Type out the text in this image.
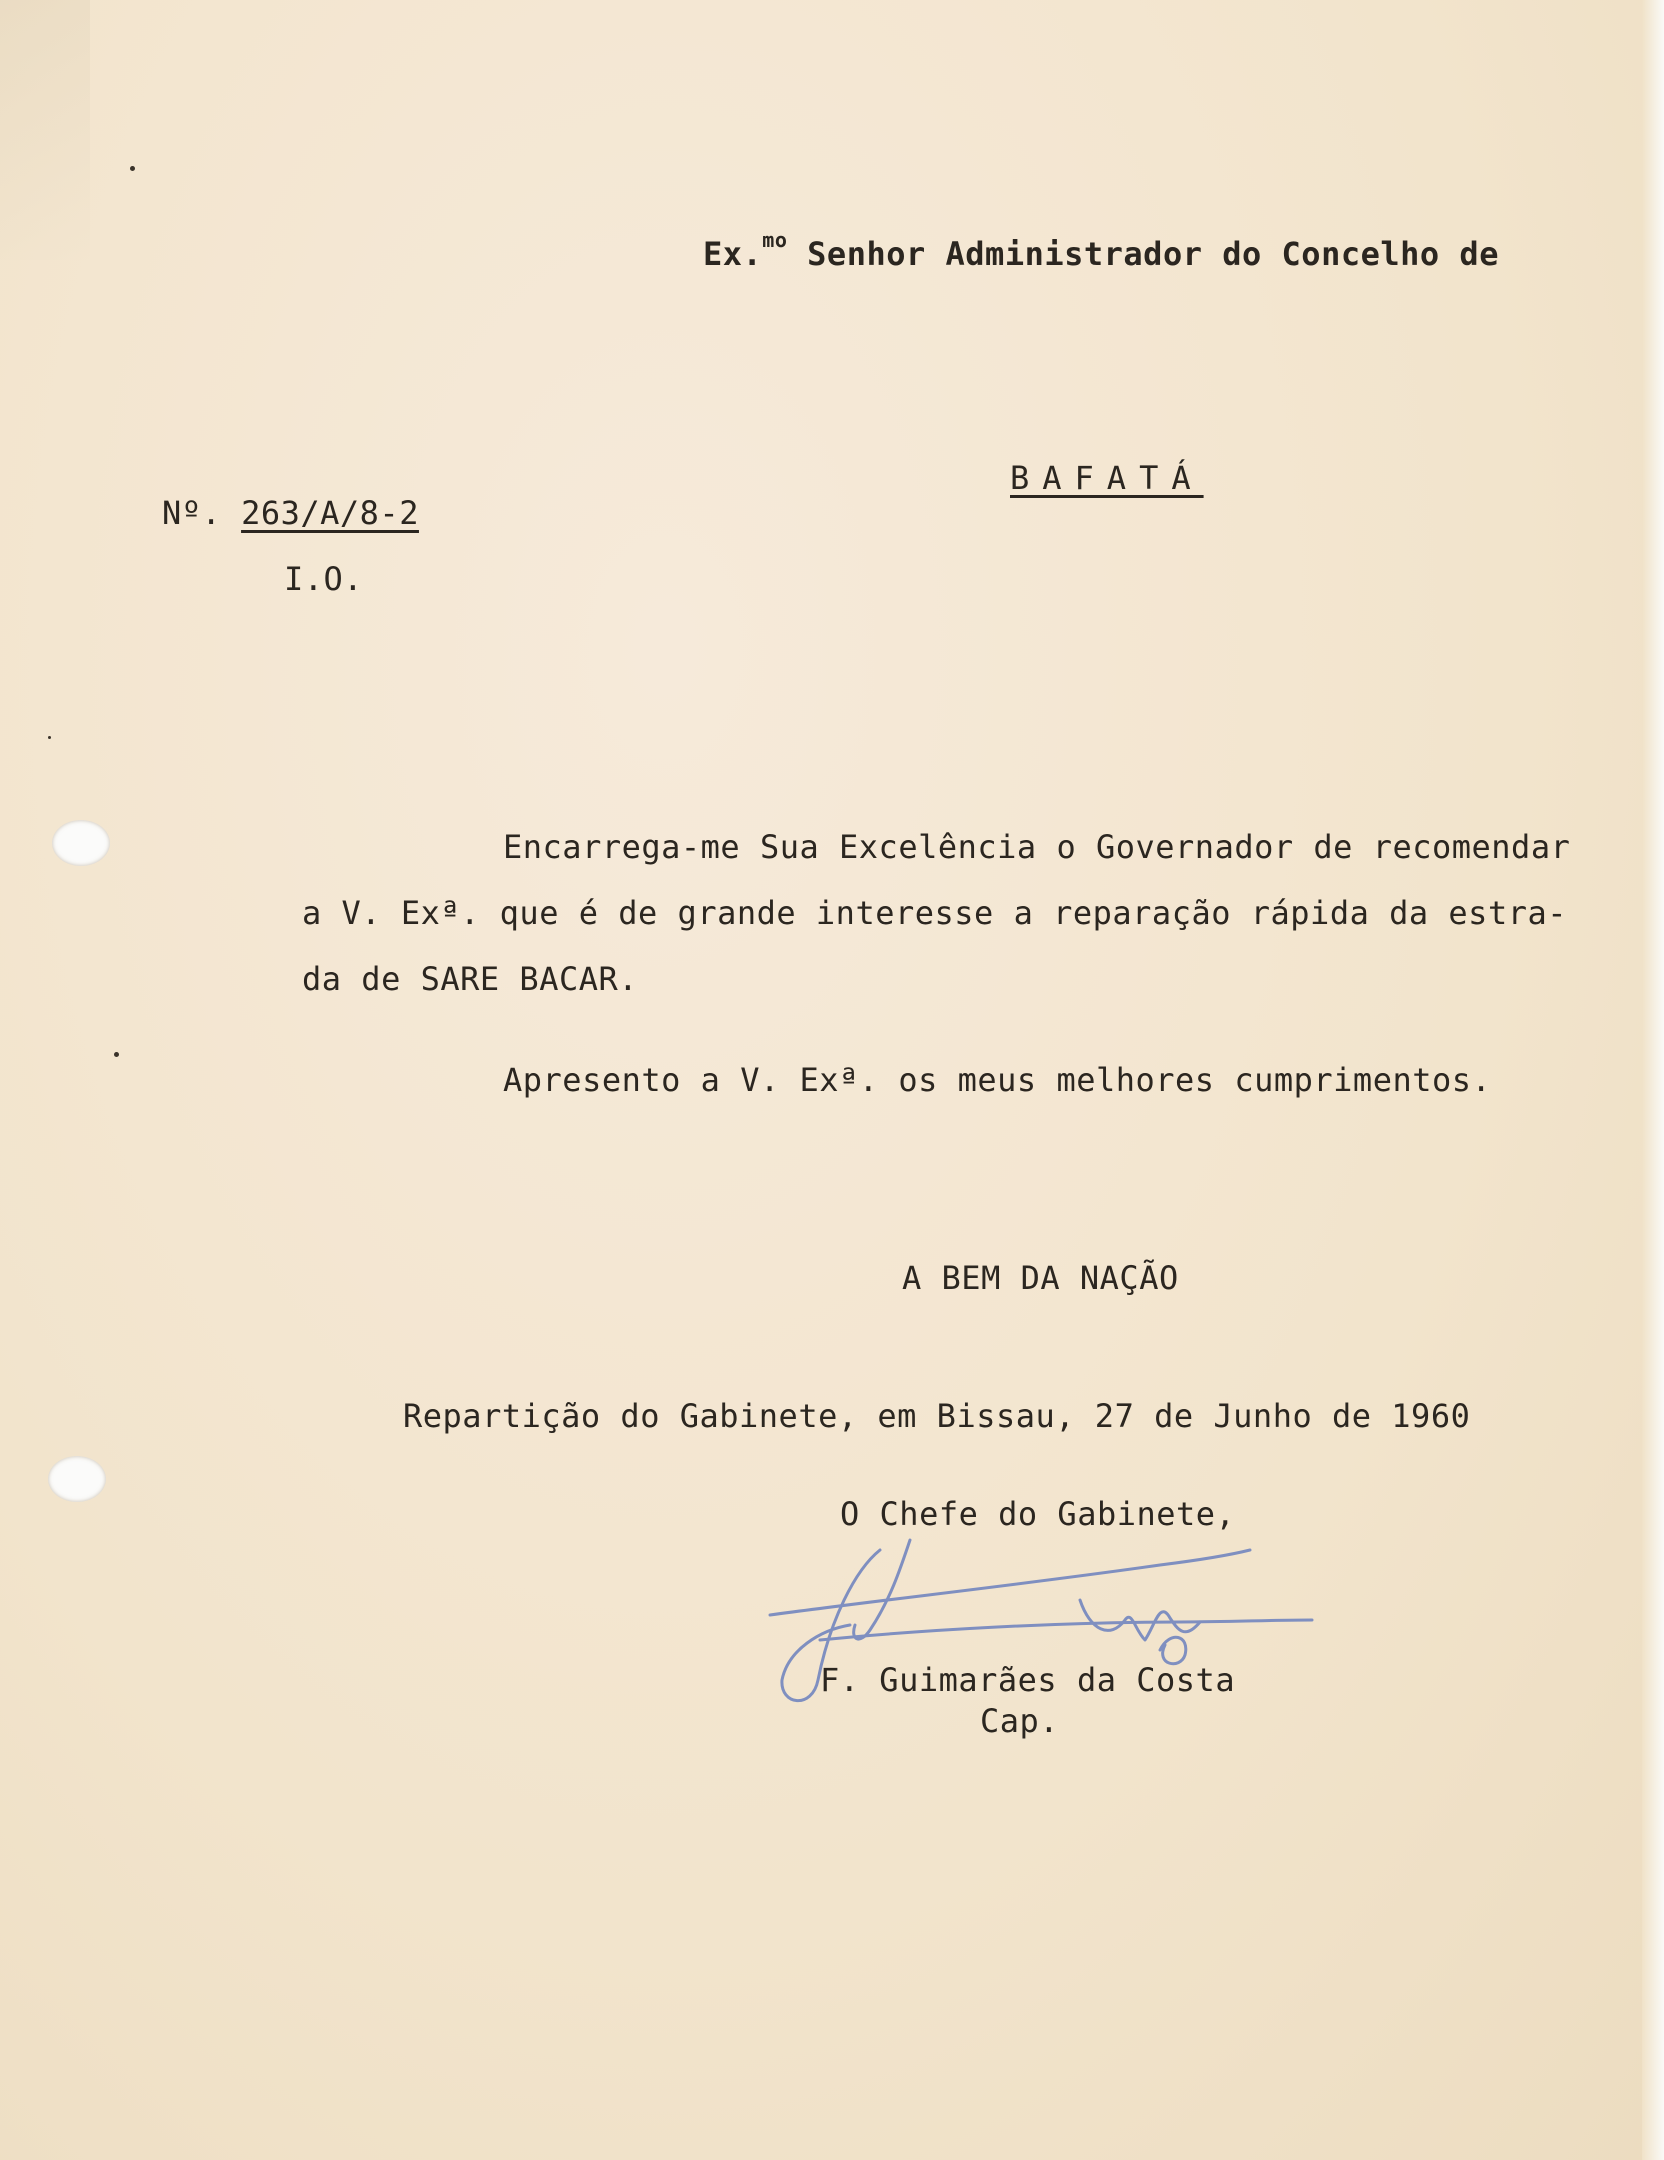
Ex.$^{mo}$ Senhor Administrador do Concelho de
BAFATÁ
Nº. 263/A/8-2
I.O.
Encarrega-me Sua Excelência o Governador de recomendar
a V. Exª. que é de grande interesse a reparação rápida da estra-
da de SARE BACAR.
Apresento a V. Exª. os meus melhores cumprimentos.
A BEM DA NAÇÃO
Repartição do Gabinete, em Bissau, 27 de Junho de 1960
O Chefe do Gabinete,
F. Guimarães da Costa
Cap.
